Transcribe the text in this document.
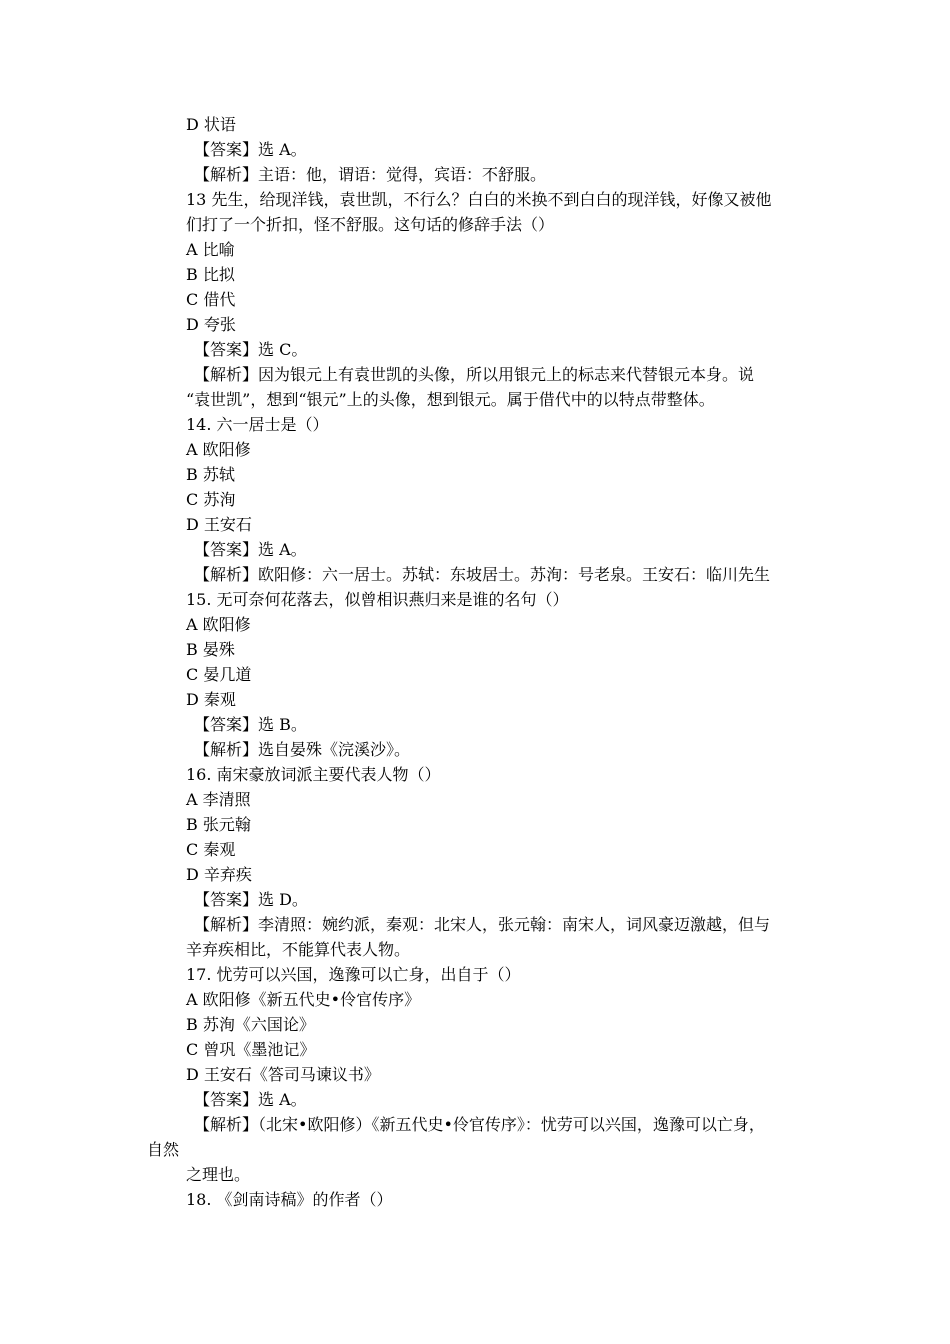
D 状语
【答案】选 A。
【解析】主语：他，谓语：觉得，宾语：不舒服。
13 先生，给现洋钱，袁世凯，不行么？白白的米换不到白白的现洋钱，好像又被他
们打了一个折扣，怪不舒服。这句话的修辞手法（）
A 比喻
B 比拟
C 借代
D 夸张
【答案】选 C。
【解析】因为银元上有袁世凯的头像，所以用银元上的标志来代替银元本身。说
“袁世凯”，想到“银元”上的头像，想到银元。属于借代中的以特点带整体。
14. 六一居士是（）
A 欧阳修
B 苏轼
C 苏洵
D 王安石
【答案】选 A。
【解析】欧阳修：六一居士。苏轼：东坡居士。苏洵：号老泉。王安石：临川先生
15. 无可奈何花落去，似曾相识燕归来是谁的名句（）
A 欧阳修
B 晏殊
C 晏几道
D 秦观
【答案】选 B。
【解析】选自晏殊《浣溪沙》。
16. 南宋豪放词派主要代表人物（）
A 李清照
B 张元翰
C 秦观
D 辛弃疾
【答案】选 D。
【解析】李清照：婉约派，秦观：北宋人，张元翰：南宋人，词风豪迈激越，但与
辛弃疾相比，不能算代表人物。
17. 忧劳可以兴国，逸豫可以亡身，出自于（）
A 欧阳修《新五代史•伶官传序》
B 苏洵《六国论》
C 曾巩《墨池记》
D 王安石《答司马谏议书》
【答案】选 A。
【解析】（北宋•欧阳修）《新五代史•伶官传序》：忧劳可以兴国，逸豫可以亡身，
自然
之理也。
18. 《剑南诗稿》的作者（）
